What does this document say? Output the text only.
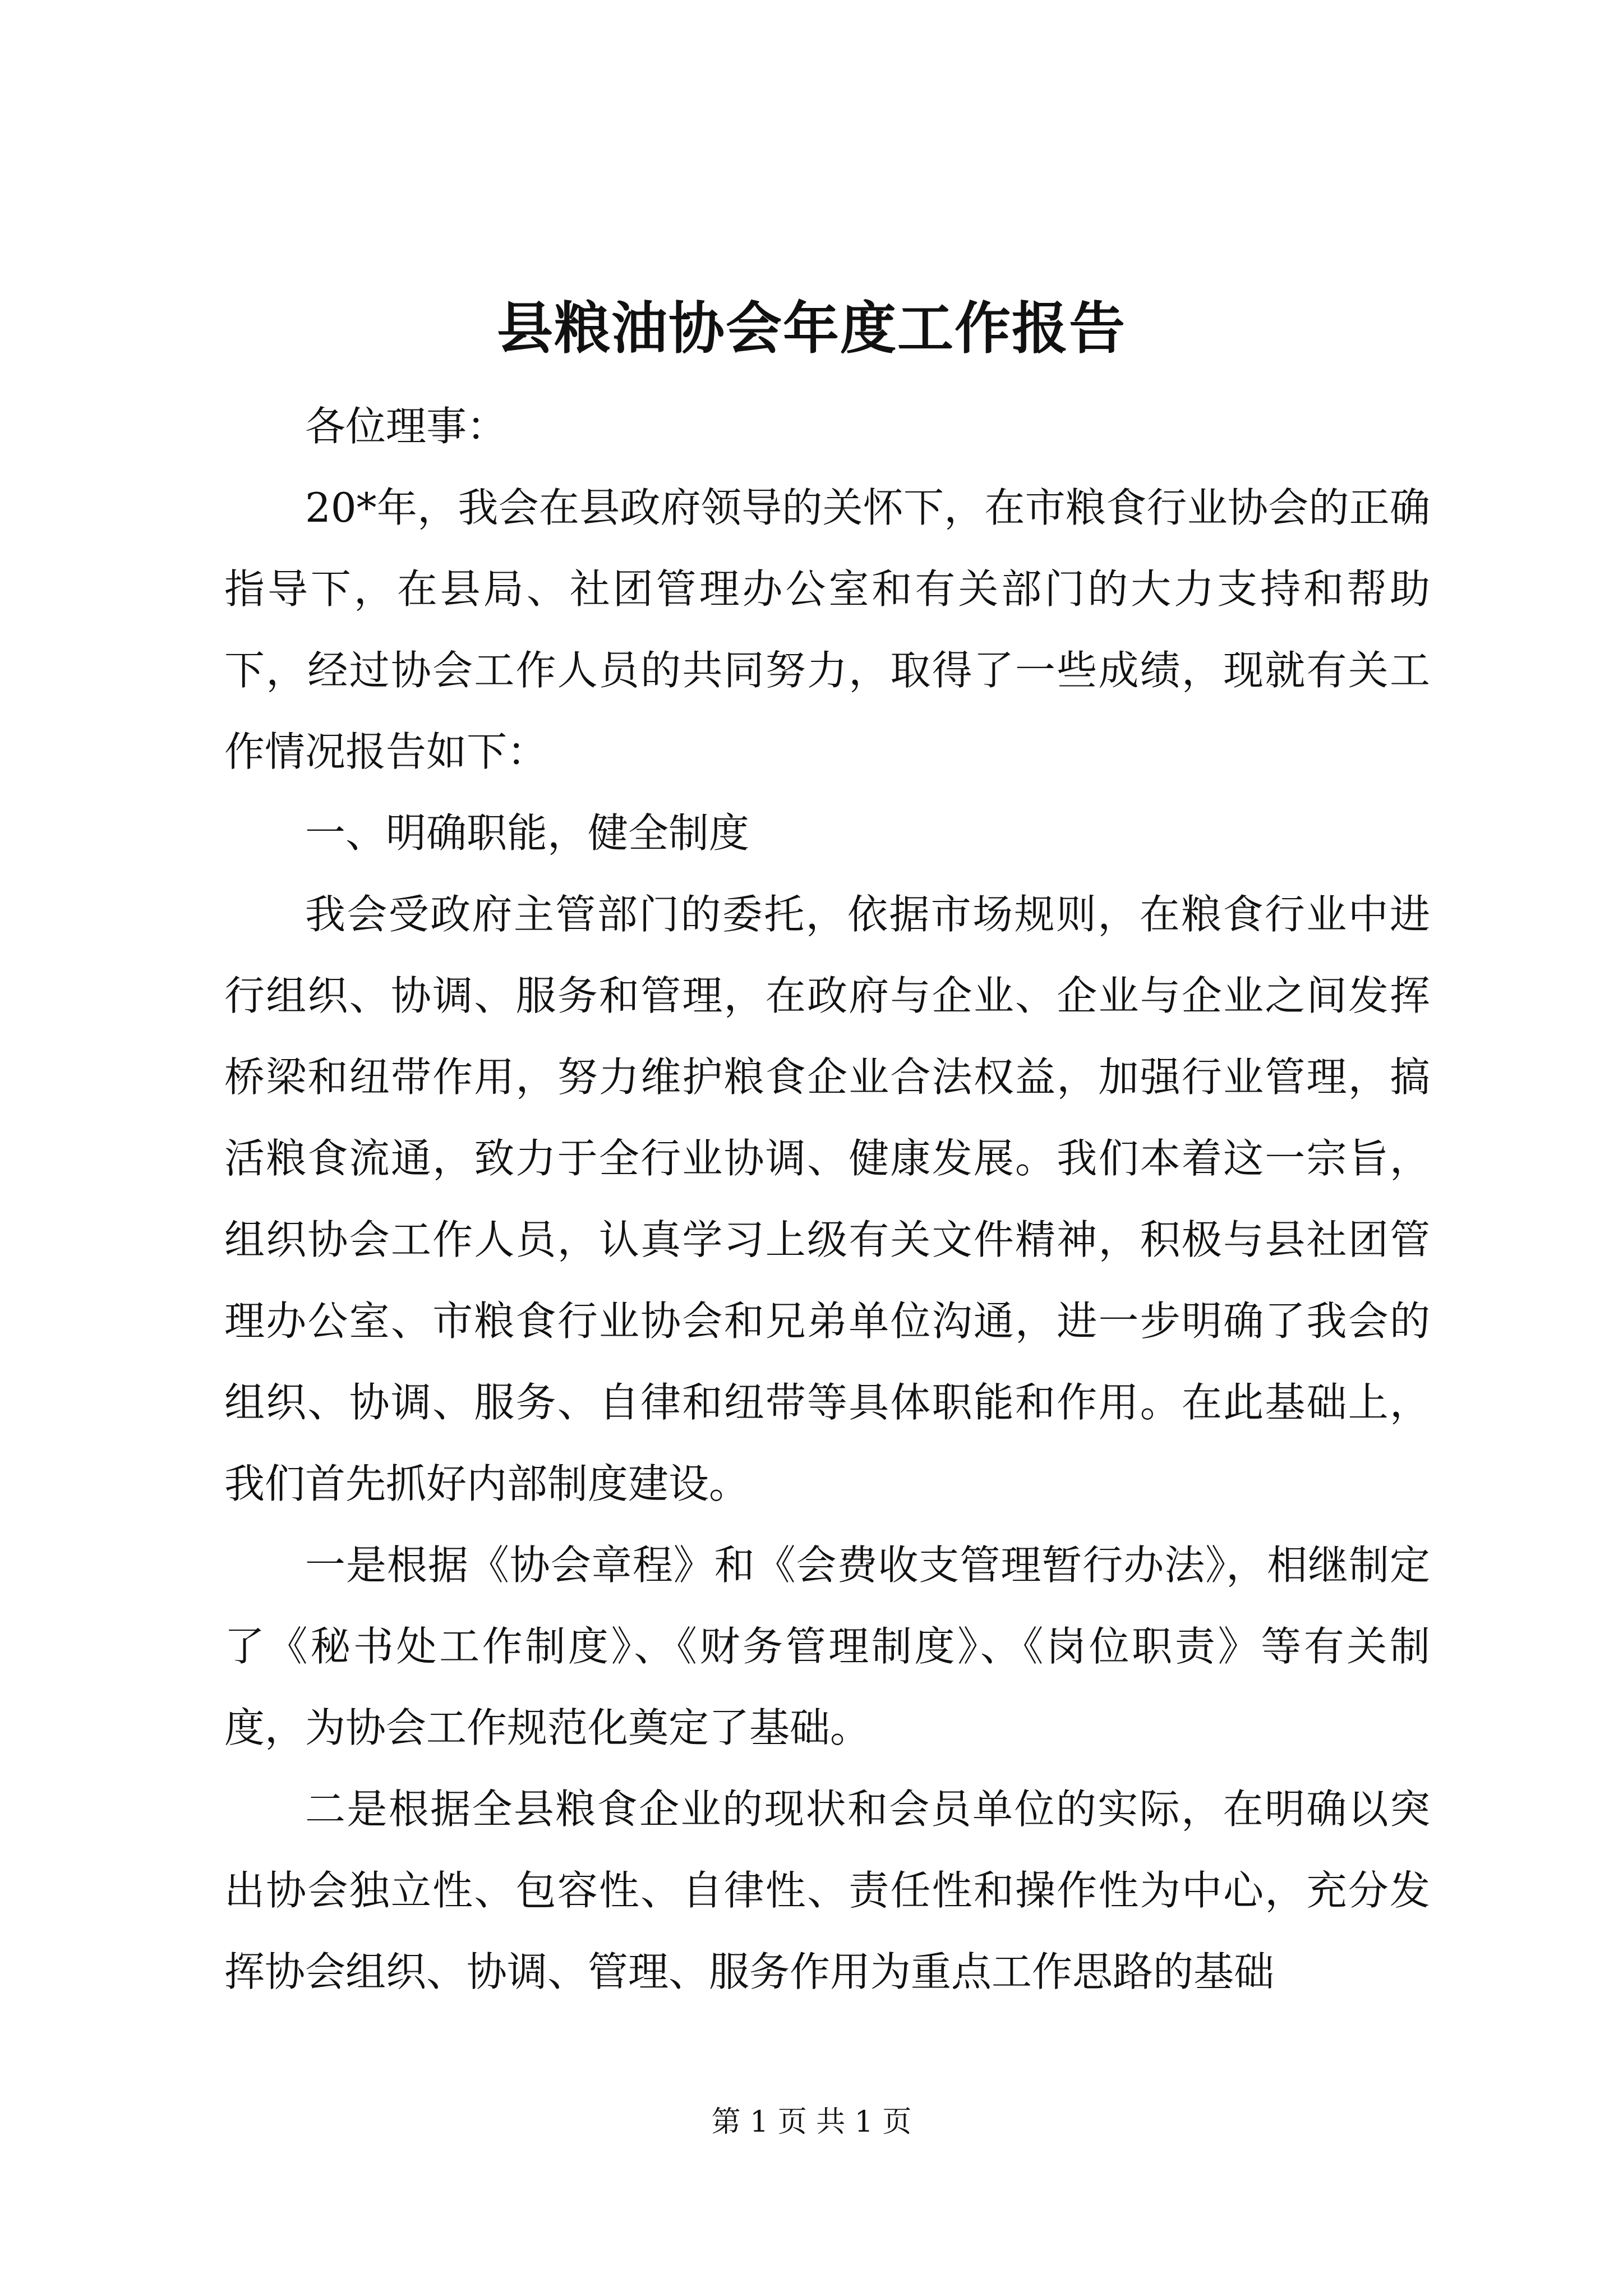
县粮油协会年度工作报告

各位理事：

20*年，我会在县政府领导的关怀下，在市粮食行业协会的正确指导下，在县局、社团管理办公室和有关部门的大力支持和帮助下，经过协会工作人员的共同努力，取得了一些成绩，现就有关工作情况报告如下：

一、明确职能，健全制度

我会受政府主管部门的委托，依据市场规则，在粮食行业中进行组织、协调、服务和管理，在政府与企业、企业与企业之间发挥桥梁和纽带作用，努力维护粮食企业合法权益，加强行业管理，搞活粮食流通，致力于全行业协调、健康发展。我们本着这一宗旨，组织协会工作人员，认真学习上级有关文件精神，积极与县社团管理办公室、市粮食行业协会和兄弟单位沟通，进一步明确了我会的组织、协调、服务、自律和纽带等具体职能和作用。在此基础上，我们首先抓好内部制度建设。

一是根据《协会章程》和《会费收支管理暂行办法》，相继制定了《秘书处工作制度》、《财务管理制度》、《岗位职责》等有关制度，为协会工作规范化奠定了基础。

二是根据全县粮食企业的现状和会员单位的实际，在明确以突出协会独立性、包容性、自律性、责任性和操作性为中心，充分发挥协会组织、协调、管理、服务作用为重点工作思路的基础

第 1 页 共 1 页
